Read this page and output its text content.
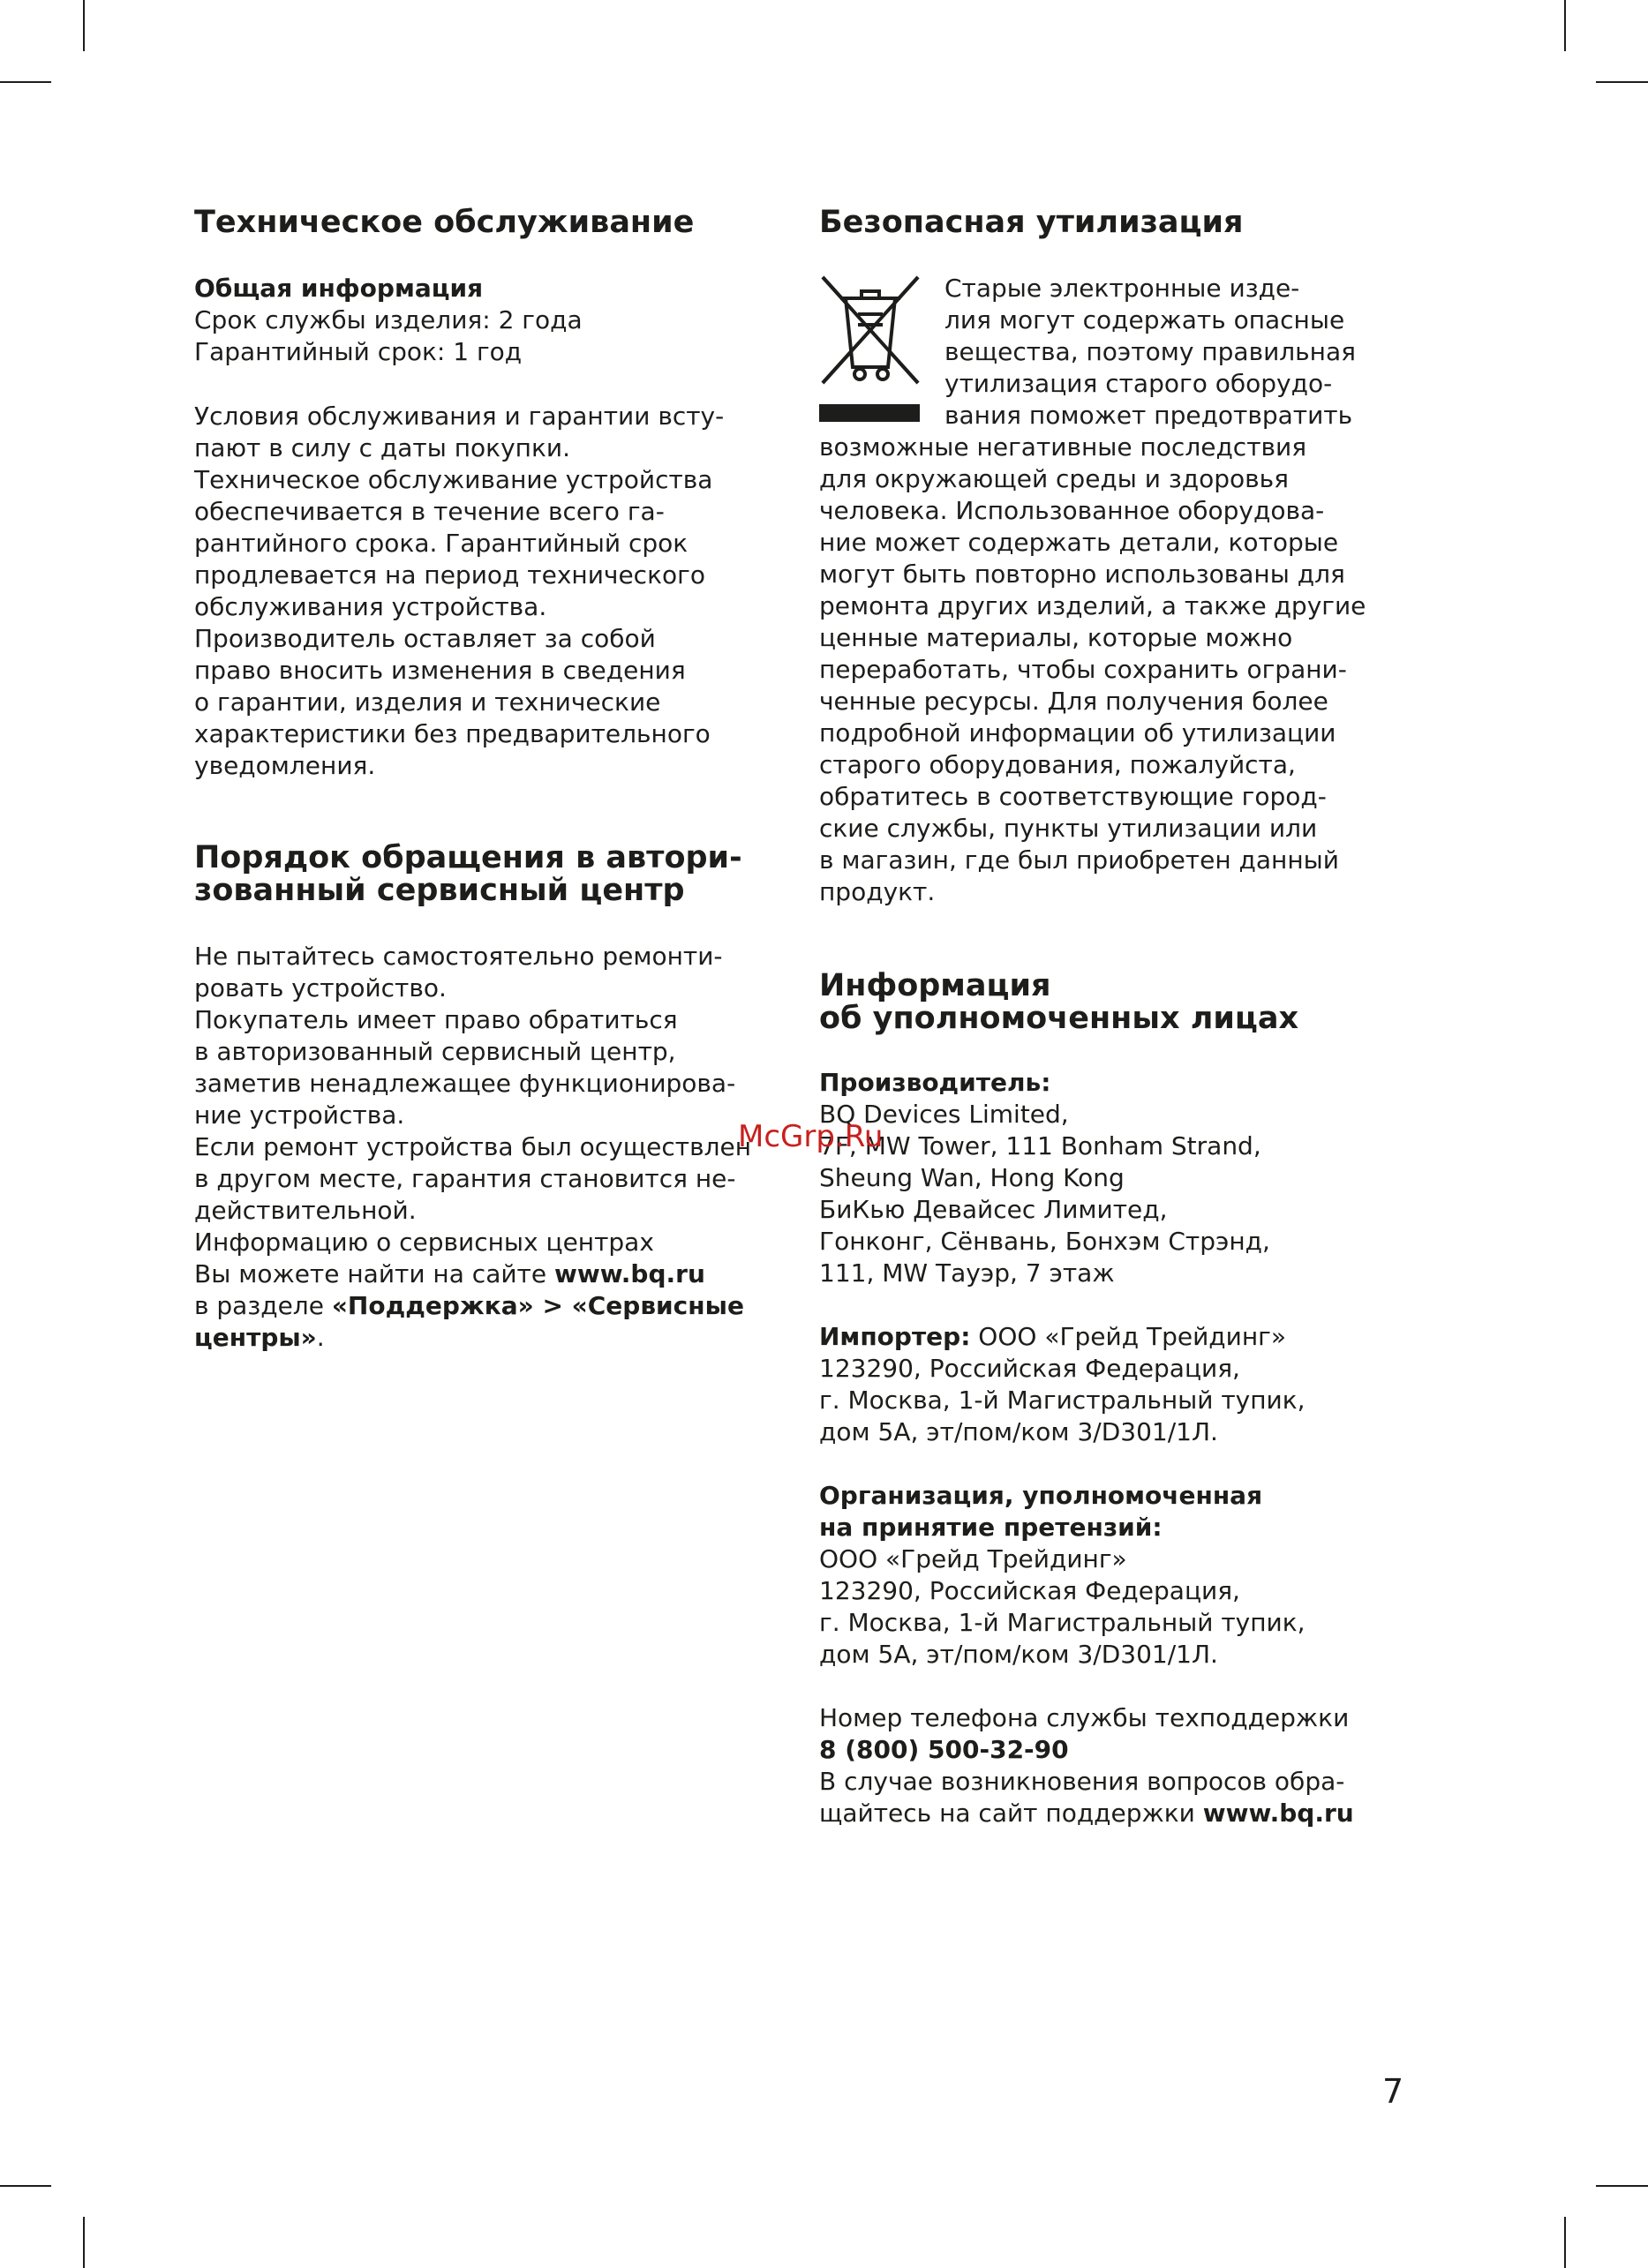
Техническое обслуживание
Общая информация
Срок службы изделия: 2 года
Гарантийный срок: 1 год
Условия обслуживания и гарантии всту-
пают в силу с даты покупки.
Техническое обслуживание устройства
обеспечивается в течение всего га-
рантийного срока. Гарантийный срок
продлевается на период технического
обслуживания устройства.
Производитель оставляет за собой
право вносить изменения в сведения
о гарантии, изделия и технические
характеристики без предварительного
уведомления.
Порядок обращения в автори-
зованный сервисный центр
Не пытайтесь самостоятельно ремонти-
ровать устройство.
Покупатель имеет право обратиться
в авторизованный сервисный центр,
заметив ненадлежащее функционирова-
ние устройства.
Если ремонт устройства был осуществлен
в другом месте, гарантия становится не-
действительной.
Информацию о сервисных центрах
Вы можете найти на сайте www.bq.ru
в разделе «Поддержка» > «Сервисные
центры».
Безопасная утилизация
Старые электронные изде-
лия могут содержать опасные
вещества, поэтому правильная
утилизация старого оборудо-
вания поможет предотвратить
возможные негативные последствия
для окружающей среды и здоровья
человека. Использованное оборудова-
ние может содержать детали, которые
могут быть повторно использованы для
ремонта других изделий, а также другие
ценные материалы, которые можно
переработать, чтобы сохранить ограни-
ченные ресурсы. Для получения более
подробной информации об утилизации
старого оборудования, пожалуйста,
обратитесь в соответствующие город-
ские службы, пункты утилизации или
в магазин, где был приобретен данный
продукт.
Информация
об уполномоченных лицах
Производитель:
BQ Devices Limited,
7F, MW Tower, 111 Bonham Strand,
Sheung Wan, Hong Kong
БиКью Девайсес Лимитед,
Гонконг, Сёнвань, Бонхэм Стрэнд,
111, MW Тауэр, 7 этаж
Импортер: ООО «Грейд Трейдинг»
123290, Российская Федерация,
г. Москва, 1-й Магистральный тупик,
дом 5А, эт/пом/ком 3/D301/1Л.
Организация, уполномоченная
на принятие претензий:
ООО «Грейд Трейдинг»
123290, Российская Федерация,
г. Москва, 1-й Магистральный тупик,
дом 5А, эт/пом/ком 3/D301/1Л.
Номер телефона службы техподдержки
8 (800) 500-32-90
В случае возникновения вопросов обра-
щайтесь на сайт поддержки www.bq.ru
McGrp.Ru
7
